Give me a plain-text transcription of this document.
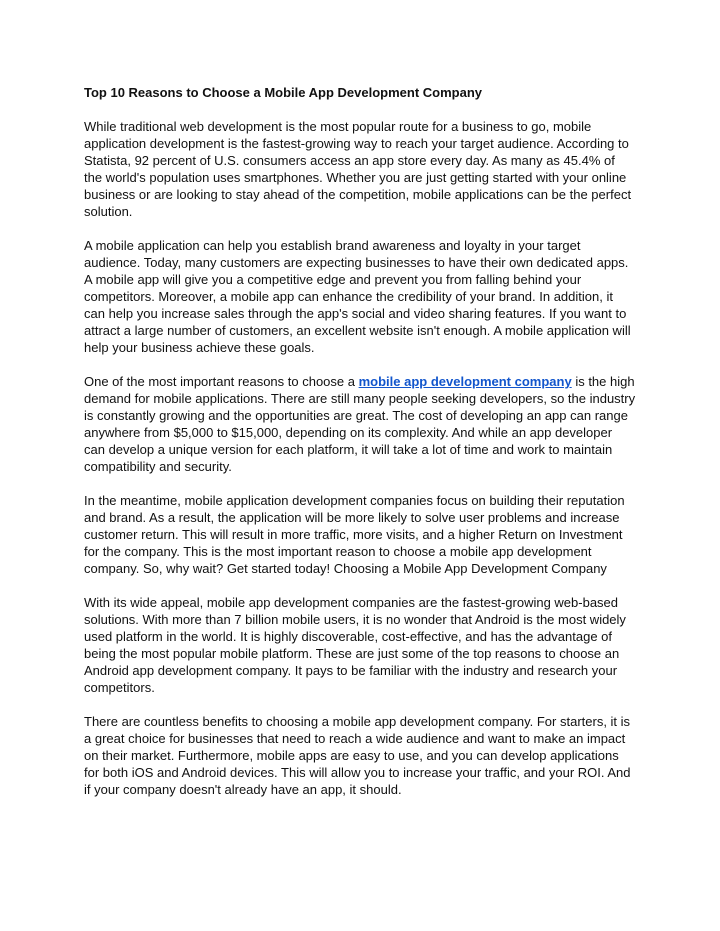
Top 10 Reasons to Choose a Mobile App Development Company

While traditional web development is the most popular route for a business to go, mobile application development is the fastest-growing way to reach your target audience. According to Statista, 92 percent of U.S. consumers access an app store every day. As many as 45.4% of the world's population uses smartphones. Whether you are just getting started with your online business or are looking to stay ahead of the competition, mobile applications can be the perfect solution.

A mobile application can help you establish brand awareness and loyalty in your target audience. Today, many customers are expecting businesses to have their own dedicated apps. A mobile app will give you a competitive edge and prevent you from falling behind your competitors. Moreover, a mobile app can enhance the credibility of your brand. In addition, it can help you increase sales through the app's social and video sharing features. If you want to attract a large number of customers, an excellent website isn't enough. A mobile application will help your business achieve these goals.

One of the most important reasons to choose a mobile app development company is the high demand for mobile applications. There are still many people seeking developers, so the industry is constantly growing and the opportunities are great. The cost of developing an app can range anywhere from $5,000 to $15,000, depending on its complexity. And while an app developer can develop a unique version for each platform, it will take a lot of time and work to maintain compatibility and security.

In the meantime, mobile application development companies focus on building their reputation and brand. As a result, the application will be more likely to solve user problems and increase customer return. This will result in more traffic, more visits, and a higher Return on Investment for the company. This is the most important reason to choose a mobile app development company. So, why wait? Get started today! Choosing a Mobile App Development Company

With its wide appeal, mobile app development companies are the fastest-growing web-based solutions. With more than 7 billion mobile users, it is no wonder that Android is the most widely used platform in the world. It is highly discoverable, cost-effective, and has the advantage of being the most popular mobile platform. These are just some of the top reasons to choose an Android app development company. It pays to be familiar with the industry and research your competitors.

There are countless benefits to choosing a mobile app development company. For starters, it is a great choice for businesses that need to reach a wide audience and want to make an impact on their market. Furthermore, mobile apps are easy to use, and you can develop applications for both iOS and Android devices. This will allow you to increase your traffic, and your ROI. And if your company doesn't already have an app, it should.
